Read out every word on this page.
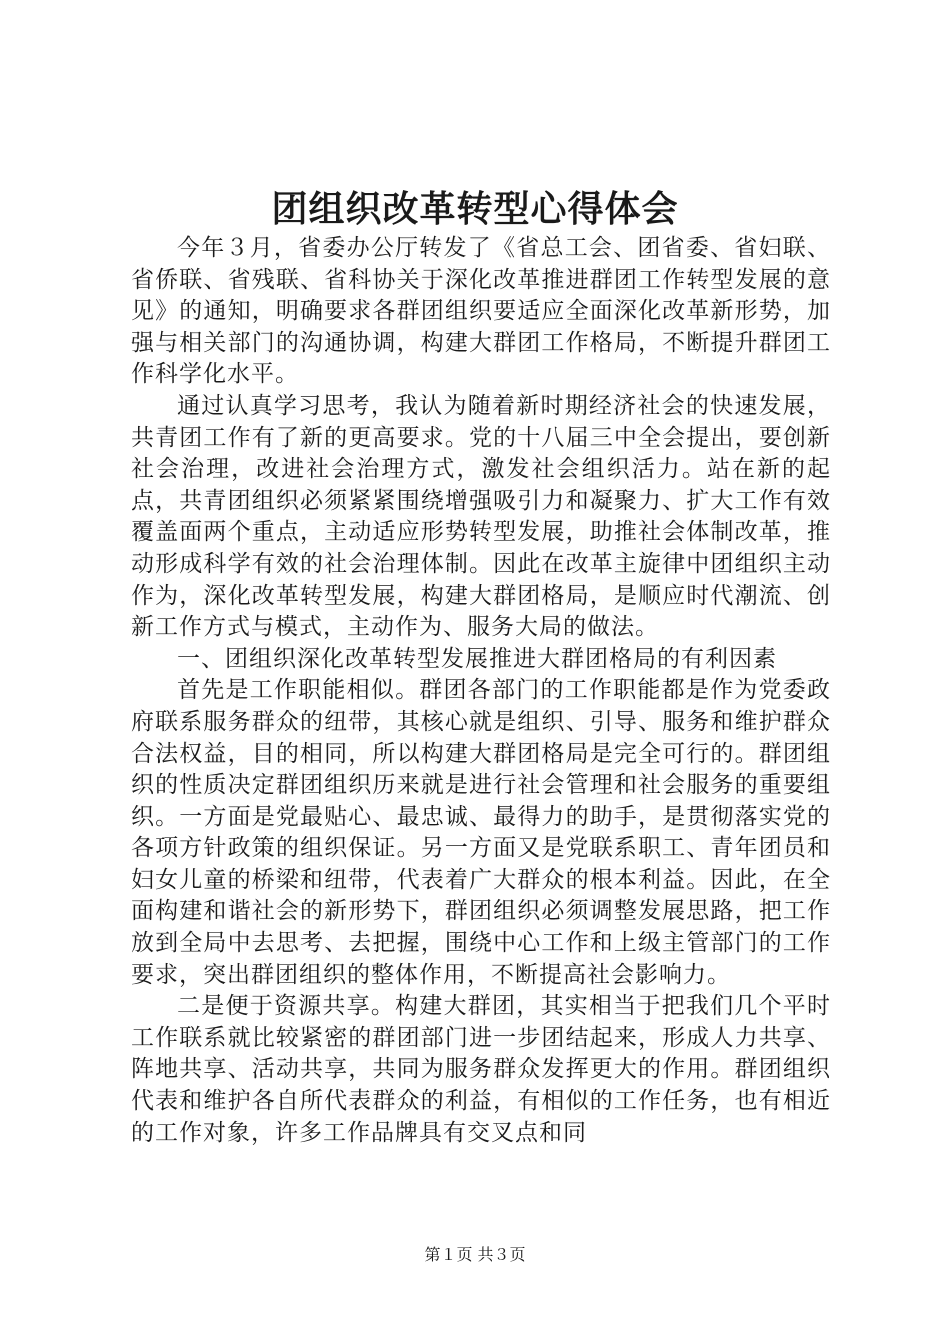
团组织改革转型心得体会

今年３月，省委办公厅转发了《省总工会、团省委、省妇联、省侨联、省残联、省科协关于深化改革推进群团工作转型发展的意见》的通知，明确要求各群团组织要适应全面深化改革新形势，加强与相关部门的沟通协调，构建大群团工作格局，不断提升群团工作科学化水平。

通过认真学习思考，我认为随着新时期经济社会的快速发展，共青团工作有了新的更高要求。党的十八届三中全会提出，要创新社会治理，改进社会治理方式，激发社会组织活力。站在新的起点，共青团组织必须紧紧围绕增强吸引力和凝聚力、扩大工作有效覆盖面两个重点，主动适应形势转型发展，助推社会体制改革，推动形成科学有效的社会治理体制。因此在改革主旋律中团组织主动作为，深化改革转型发展，构建大群团格局，是顺应时代潮流、创新工作方式与模式，主动作为、服务大局的做法。

一、团组织深化改革转型发展推进大群团格局的有利因素

首先是工作职能相似。群团各部门的工作职能都是作为党委政府联系服务群众的纽带，其核心就是组织、引导、服务和维护群众合法权益，目的相同，所以构建大群团格局是完全可行的。群团组织的性质决定群团组织历来就是进行社会管理和社会服务的重要组织。一方面是党最贴心、最忠诚、最得力的助手，是贯彻落实党的各项方针政策的组织保证。另一方面又是党联系职工、青年团员和妇女儿童的桥梁和纽带，代表着广大群众的根本利益。因此，在全面构建和谐社会的新形势下，群团组织必须调整发展思路，把工作放到全局中去思考、去把握，围绕中心工作和上级主管部门的工作要求，突出群团组织的整体作用，不断提高社会影响力。

二是便于资源共享。构建大群团，其实相当于把我们几个平时工作联系就比较紧密的群团部门进一步团结起来，形成人力共享、阵地共享、活动共享，共同为服务群众发挥更大的作用。群团组织代表和维护各自所代表群众的利益，有相似的工作任务，也有相近的工作对象，许多工作品牌具有交叉点和同

第１页 共３页
